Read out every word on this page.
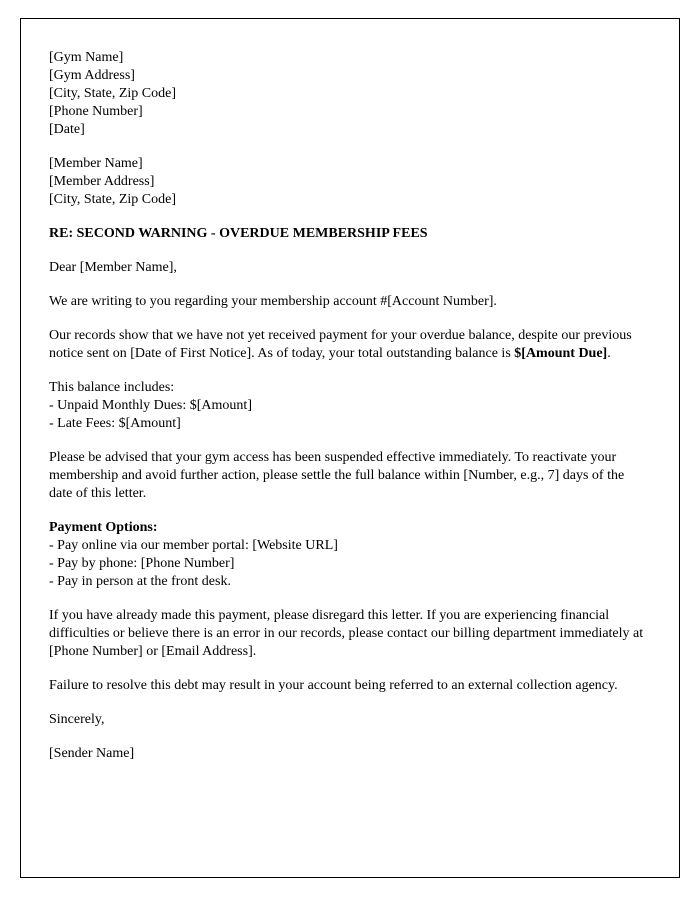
[Gym Name]
[Gym Address]
[City, State, Zip Code]
[Phone Number]
[Date]
[Member Name]
[Member Address]
[City, State, Zip Code]
RE: SECOND WARNING - OVERDUE MEMBERSHIP FEES
Dear [Member Name],
We are writing to you regarding your membership account #[Account Number].
Our records show that we have not yet received payment for your overdue balance, despite our previous notice sent on [Date of First Notice]. As of today, your total outstanding balance is $[Amount Due].
This balance includes:
- Unpaid Monthly Dues: $[Amount]
- Late Fees: $[Amount]
Please be advised that your gym access has been suspended effective immediately. To reactivate your membership and avoid further action, please settle the full balance within [Number, e.g., 7] days of the date of this letter.
Payment Options:
- Pay online via our member portal: [Website URL]
- Pay by phone: [Phone Number]
- Pay in person at the front desk.
If you have already made this payment, please disregard this letter. If you are experiencing financial difficulties or believe there is an error in our records, please contact our billing department immediately at [Phone Number] or [Email Address].
Failure to resolve this debt may result in your account being referred to an external collection agency.
Sincerely,
[Sender Name]
